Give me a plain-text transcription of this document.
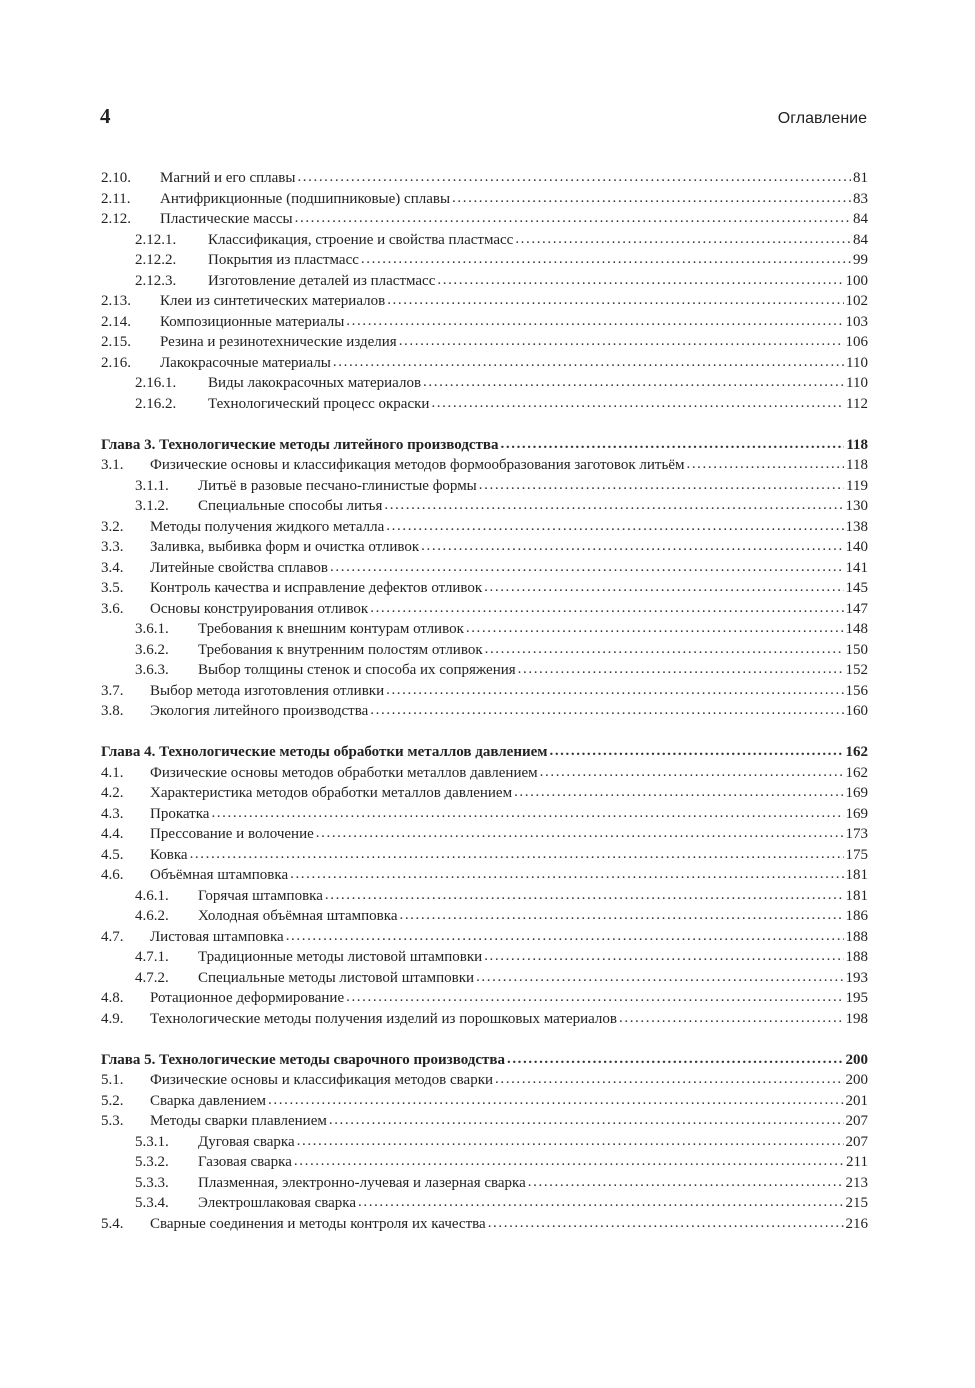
4	Оглавление
2.10.	Магний и его сплавы .....	81
2.11.	Антифрикционные (подшипниковые) сплавы .....	83
2.12.	Пластические массы .....	84
2.12.1.	Классификация, строение и свойства пластмасс .....	84
2.12.2.	Покрытия из пластмасс .....	99
2.12.3.	Изготовление деталей из пластмасс .....	100
2.13.	Клеи из синтетических материалов .....	102
2.14.	Композиционные материалы .....	103
2.15.	Резина и резинотехнические изделия .....	106
2.16.	Лакокрасочные материалы .....	110
2.16.1.	Виды лакокрасочных материалов .....	110
2.16.2.	Технологический процесс окраски .....	112
Глава 3. Технологические методы литейного производства .....	118
3.1.	Физические основы и классификация методов формообразования заготовок литьём .....	118
3.1.1.	Литьё в разовые песчано-глинистые формы .....	119
3.1.2.	Специальные способы литья .....	130
3.2.	Методы получения жидкого металла .....	138
3.3.	Заливка, выбивка форм и очистка отливок .....	140
3.4.	Литейные свойства сплавов .....	141
3.5.	Контроль качества и исправление дефектов отливок .....	145
3.6.	Основы конструирования отливок .....	147
3.6.1.	Требования к внешним контурам отливок .....	148
3.6.2.	Требования к внутренним полостям отливок .....	150
3.6.3.	Выбор толщины стенок и способа их сопряжения .....	152
3.7.	Выбор метода изготовления отливки .....	156
3.8.	Экология литейного производства .....	160
Глава 4. Технологические методы обработки металлов давлением .....	162
4.1.	Физические основы методов обработки металлов давлением .....	162
4.2.	Характеристика методов обработки металлов давлением .....	169
4.3.	Прокатка .....	169
4.4.	Прессование и волочение .....	173
4.5.	Ковка .....	175
4.6.	Объёмная штамповка .....	181
4.6.1.	Горячая штамповка .....	181
4.6.2.	Холодная объёмная штамповка .....	186
4.7.	Листовая штамповка .....	188
4.7.1.	Традиционные методы листовой штамповки .....	188
4.7.2.	Специальные методы листовой штамповки .....	193
4.8.	Ротационное деформирование .....	195
4.9.	Технологические методы получения изделий из порошковых материалов .....	198
Глава 5. Технологические методы сварочного производства .....	200
5.1.	Физические основы и классификация методов сварки .....	200
5.2.	Сварка давлением .....	201
5.3.	Методы сварки плавлением .....	207
5.3.1.	Дуговая сварка .....	207
5.3.2.	Газовая сварка .....	211
5.3.3.	Плазменная, электронно-лучевая и лазерная сварка .....	213
5.3.4.	Электрошлаковая сварка .....	215
5.4.	Сварные соединения и методы контроля их качества .....	216
